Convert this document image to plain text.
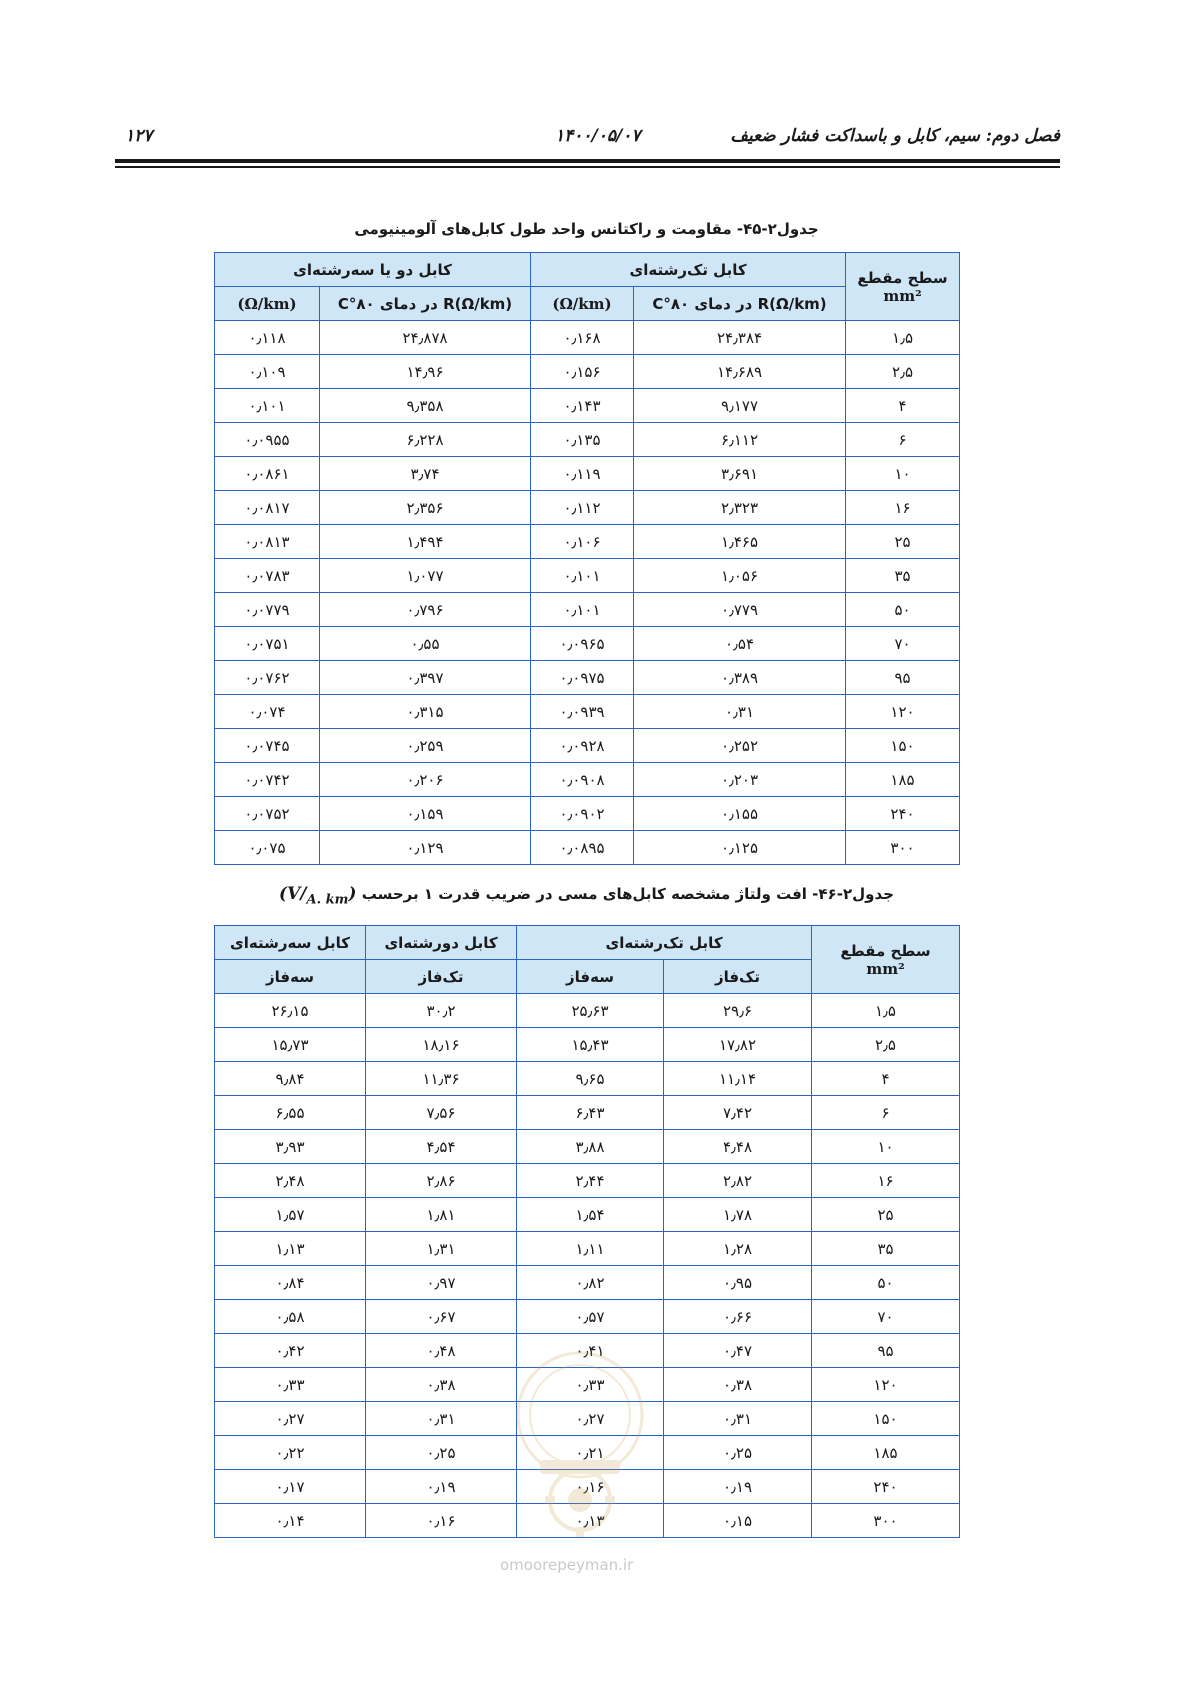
۱۲۷	۱۴۰۰/۰۵/۰۷	فصل دوم: سیم، کابل و باسداکت فشار ضعیف
جدول۲-۴۵- مقاومت و راکتانس واحد طول کابل‌های آلومینیومی
سطح مقطع
mm²	کابل تک‌رشته‌ای		کابل دو یا سه‌رشته‌ای	
	R(Ω/km) در دمای ۸۰°C	(Ω/km)	R(Ω/km) در دمای ۸۰°C	(Ω/km)
۱٫۵	۲۴٫۳۸۴	۰٫۱۶۸	۲۴٫۸۷۸	۰٫۱۱۸
۲٫۵	۱۴٫۶۸۹	۰٫۱۵۶	۱۴٫۹۶	۰٫۱۰۹
۴	۹٫۱۷۷	۰٫۱۴۳	۹٫۳۵۸	۰٫۱۰۱
۶	۶٫۱۱۲	۰٫۱۳۵	۶٫۲۲۸	۰٫۰۹۵۵
۱۰	۳٫۶۹۱	۰٫۱۱۹	۳٫۷۴	۰٫۰۸۶۱
۱۶	۲٫۳۲۳	۰٫۱۱۲	۲٫۳۵۶	۰٫۰۸۱۷
۲۵	۱٫۴۶۵	۰٫۱۰۶	۱٫۴۹۴	۰٫۰۸۱۳
۳۵	۱٫۰۵۶	۰٫۱۰۱	۱٫۰۷۷	۰٫۰۷۸۳
۵۰	۰٫۷۷۹	۰٫۱۰۱	۰٫۷۹۶	۰٫۰۷۷۹
۷۰	۰٫۵۴	۰٫۰۹۶۵	۰٫۵۵	۰٫۰۷۵۱
۹۵	۰٫۳۸۹	۰٫۰۹۷۵	۰٫۳۹۷	۰٫۰۷۶۲
۱۲۰	۰٫۳۱	۰٫۰۹۳۹	۰٫۳۱۵	۰٫۰۷۴
۱۵۰	۰٫۲۵۲	۰٫۰۹۲۸	۰٫۲۵۹	۰٫۰۷۴۵
۱۸۵	۰٫۲۰۳	۰٫۰۹۰۸	۰٫۲۰۶	۰٫۰۷۴۲
۲۴۰	۰٫۱۵۵	۰٫۰۹۰۲	۰٫۱۵۹	۰٫۰۷۵۲
۳۰۰	۰٫۱۲۵	۰٫۰۸۹۵	۰٫۱۲۹	۰٫۰۷۵
جدول۲-۴۶- افت ولتاژ مشخصه کابل‌های مسی در ضریب قدرت ۱ برحسب $(V/_{A. km})$
سطح مقطع
mm²	کابل تک‌رشته‌ای		کابل دورشته‌ای	کابل سه‌رشته‌ای
	تک‌فاز	سه‌فاز	تک‌فاز	سه‌فاز
۱٫۵	۲۹٫۶	۲۵٫۶۳	۳۰٫۲	۲۶٫۱۵
۲٫۵	۱۷٫۸۲	۱۵٫۴۳	۱۸٫۱۶	۱۵٫۷۳
۴	۱۱٫۱۴	۹٫۶۵	۱۱٫۳۶	۹٫۸۴
۶	۷٫۴۲	۶٫۴۳	۷٫۵۶	۶٫۵۵
۱۰	۴٫۴۸	۳٫۸۸	۴٫۵۴	۳٫۹۳
۱۶	۲٫۸۲	۲٫۴۴	۲٫۸۶	۲٫۴۸
۲۵	۱٫۷۸	۱٫۵۴	۱٫۸۱	۱٫۵۷
۳۵	۱٫۲۸	۱٫۱۱	۱٫۳۱	۱٫۱۳
۵۰	۰٫۹۵	۰٫۸۲	۰٫۹۷	۰٫۸۴
۷۰	۰٫۶۶	۰٫۵۷	۰٫۶۷	۰٫۵۸
۹۵	۰٫۴۷	۰٫۴۱	۰٫۴۸	۰٫۴۲
۱۲۰	۰٫۳۸	۰٫۳۳	۰٫۳۸	۰٫۳۳
۱۵۰	۰٫۳۱	۰٫۲۷	۰٫۳۱	۰٫۲۷
۱۸۵	۰٫۲۵	۰٫۲۱	۰٫۲۵	۰٫۲۲
۲۴۰	۰٫۱۹	۰٫۱۶	۰٫۱۹	۰٫۱۷
۳۰۰	۰٫۱۵	۰٫۱۳	۰٫۱۶	۰٫۱۴
omoorepeyman.ir
